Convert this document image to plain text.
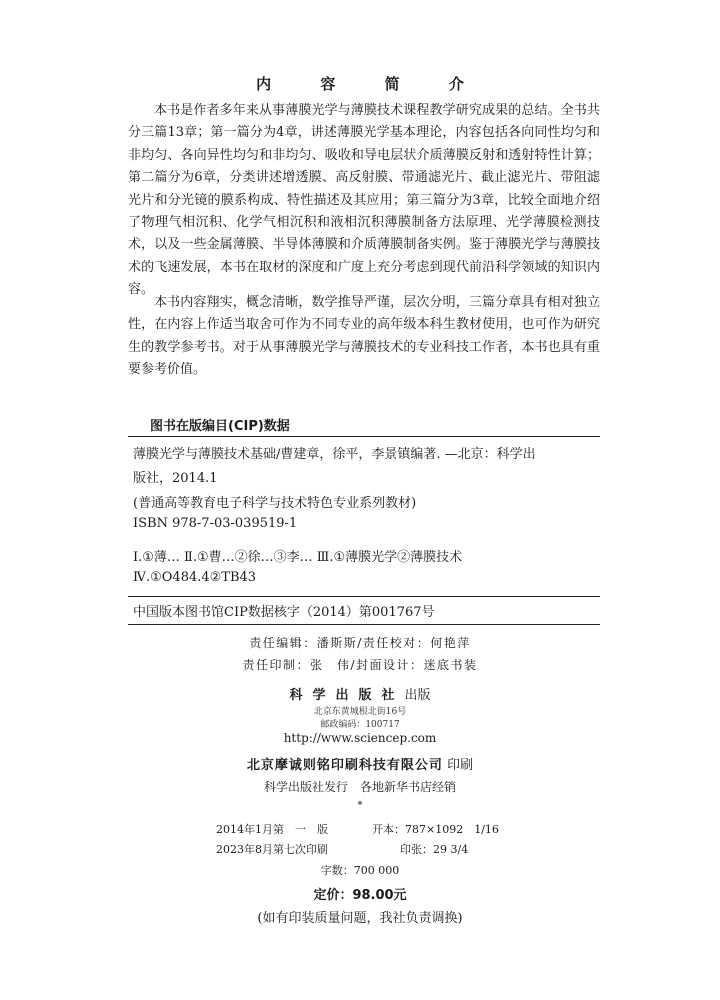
内 容 简 介

本书是作者多年来从事薄膜光学与薄膜技术课程教学研究成果的总结。全书共分三篇13章；第一篇分为4章，讲述薄膜光学基本理论，内容包括各向同性均匀和非均匀、各向异性均匀和非均匀、吸收和导电层状介质薄膜反射和透射特性计算；第二篇分为6章，分类讲述增透膜、高反射膜、带通滤光片、截止滤光片、带阻滤光片和分光镜的膜系构成、特性描述及其应用；第三篇分为3章，比较全面地介绍了物理气相沉积、化学气相沉积和液相沉积薄膜制备方法原理、光学薄膜检测技术，以及一些金属薄膜、半导体薄膜和介质薄膜制备实例。鉴于薄膜光学与薄膜技术的飞速发展，本书在取材的深度和广度上充分考虑到现代前沿科学领域的知识内容。

本书内容翔实，概念清晰，数学推导严谨，层次分明，三篇分章具有相对独立性，在内容上作适当取舍可作为不同专业的高年级本科生教材使用，也可作为研究生的教学参考书。对于从事薄膜光学与薄膜技术的专业科技工作者，本书也具有重要参考价值。

图书在版编目(CIP)数据
薄膜光学与薄膜技术基础/曹建章，徐平，李景镇编著. —北京：科学出
版社，2014.1
(普通高等教育电子科学与技术特色专业系列教材)
ISBN 978-7-03-039519-1
Ⅰ.①薄… Ⅱ.①曹…②徐…③李… Ⅲ.①薄膜光学②薄膜技术
Ⅳ.①O484.4②TB43
中国版本图书馆CIP数据核字（2014）第001767号
责任编辑：潘斯斯/责任校对：何艳萍
责任印制：张　伟/封面设计：迷底书装
科学出版社出版
北京东黄城根北街16号
邮政编码：100717
http://www.sciencep.com
北京摩诚则铭印刷科技有限公司 印刷
科学出版社发行　各地新华书店经销
*
2014年1月第　一　版	开本：787×1092　1/16
2023年8月第七次印刷	印张：29 3/4
字数：700 000
定价：98.00元
(如有印装质量问题，我社负责调换)
